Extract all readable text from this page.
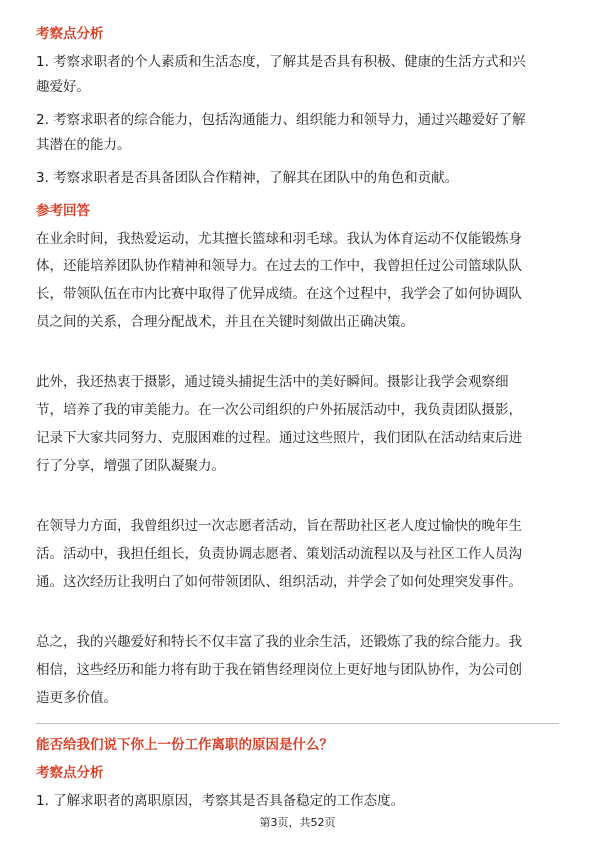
考察点分析
1. 考察求职者的个人素质和生活态度，了解其是否具有积极、健康的生活方式和兴
趣爱好。
2. 考察求职者的综合能力，包括沟通能力、组织能力和领导力，通过兴趣爱好了解
其潜在的能力。
3. 考察求职者是否具备团队合作精神，了解其在团队中的角色和贡献。
参考回答
在业余时间，我热爱运动，尤其擅长篮球和羽毛球。我认为体育运动不仅能锻炼身
体，还能培养团队协作精神和领导力。在过去的工作中，我曾担任过公司篮球队队
长，带领队伍在市内比赛中取得了优异成绩。在这个过程中，我学会了如何协调队
员之间的关系，合理分配战术，并且在关键时刻做出正确决策。
此外，我还热衷于摄影，通过镜头捕捉生活中的美好瞬间。摄影让我学会观察细
节，培养了我的审美能力。在一次公司组织的户外拓展活动中，我负责团队摄影，
记录下大家共同努力、克服困难的过程。通过这些照片，我们团队在活动结束后进
行了分享，增强了团队凝聚力。
在领导力方面，我曾组织过一次志愿者活动，旨在帮助社区老人度过愉快的晚年生
活。活动中，我担任组长，负责协调志愿者、策划活动流程以及与社区工作人员沟
通。这次经历让我明白了如何带领团队、组织活动，并学会了如何处理突发事件。
总之，我的兴趣爱好和特长不仅丰富了我的业余生活，还锻炼了我的综合能力。我
相信，这些经历和能力将有助于我在销售经理岗位上更好地与团队协作，为公司创
造更多价值。
能否给我们说下你上一份工作离职的原因是什么？
考察点分析
1. 了解求职者的离职原因，考察其是否具备稳定的工作态度。
第3页，共52页
